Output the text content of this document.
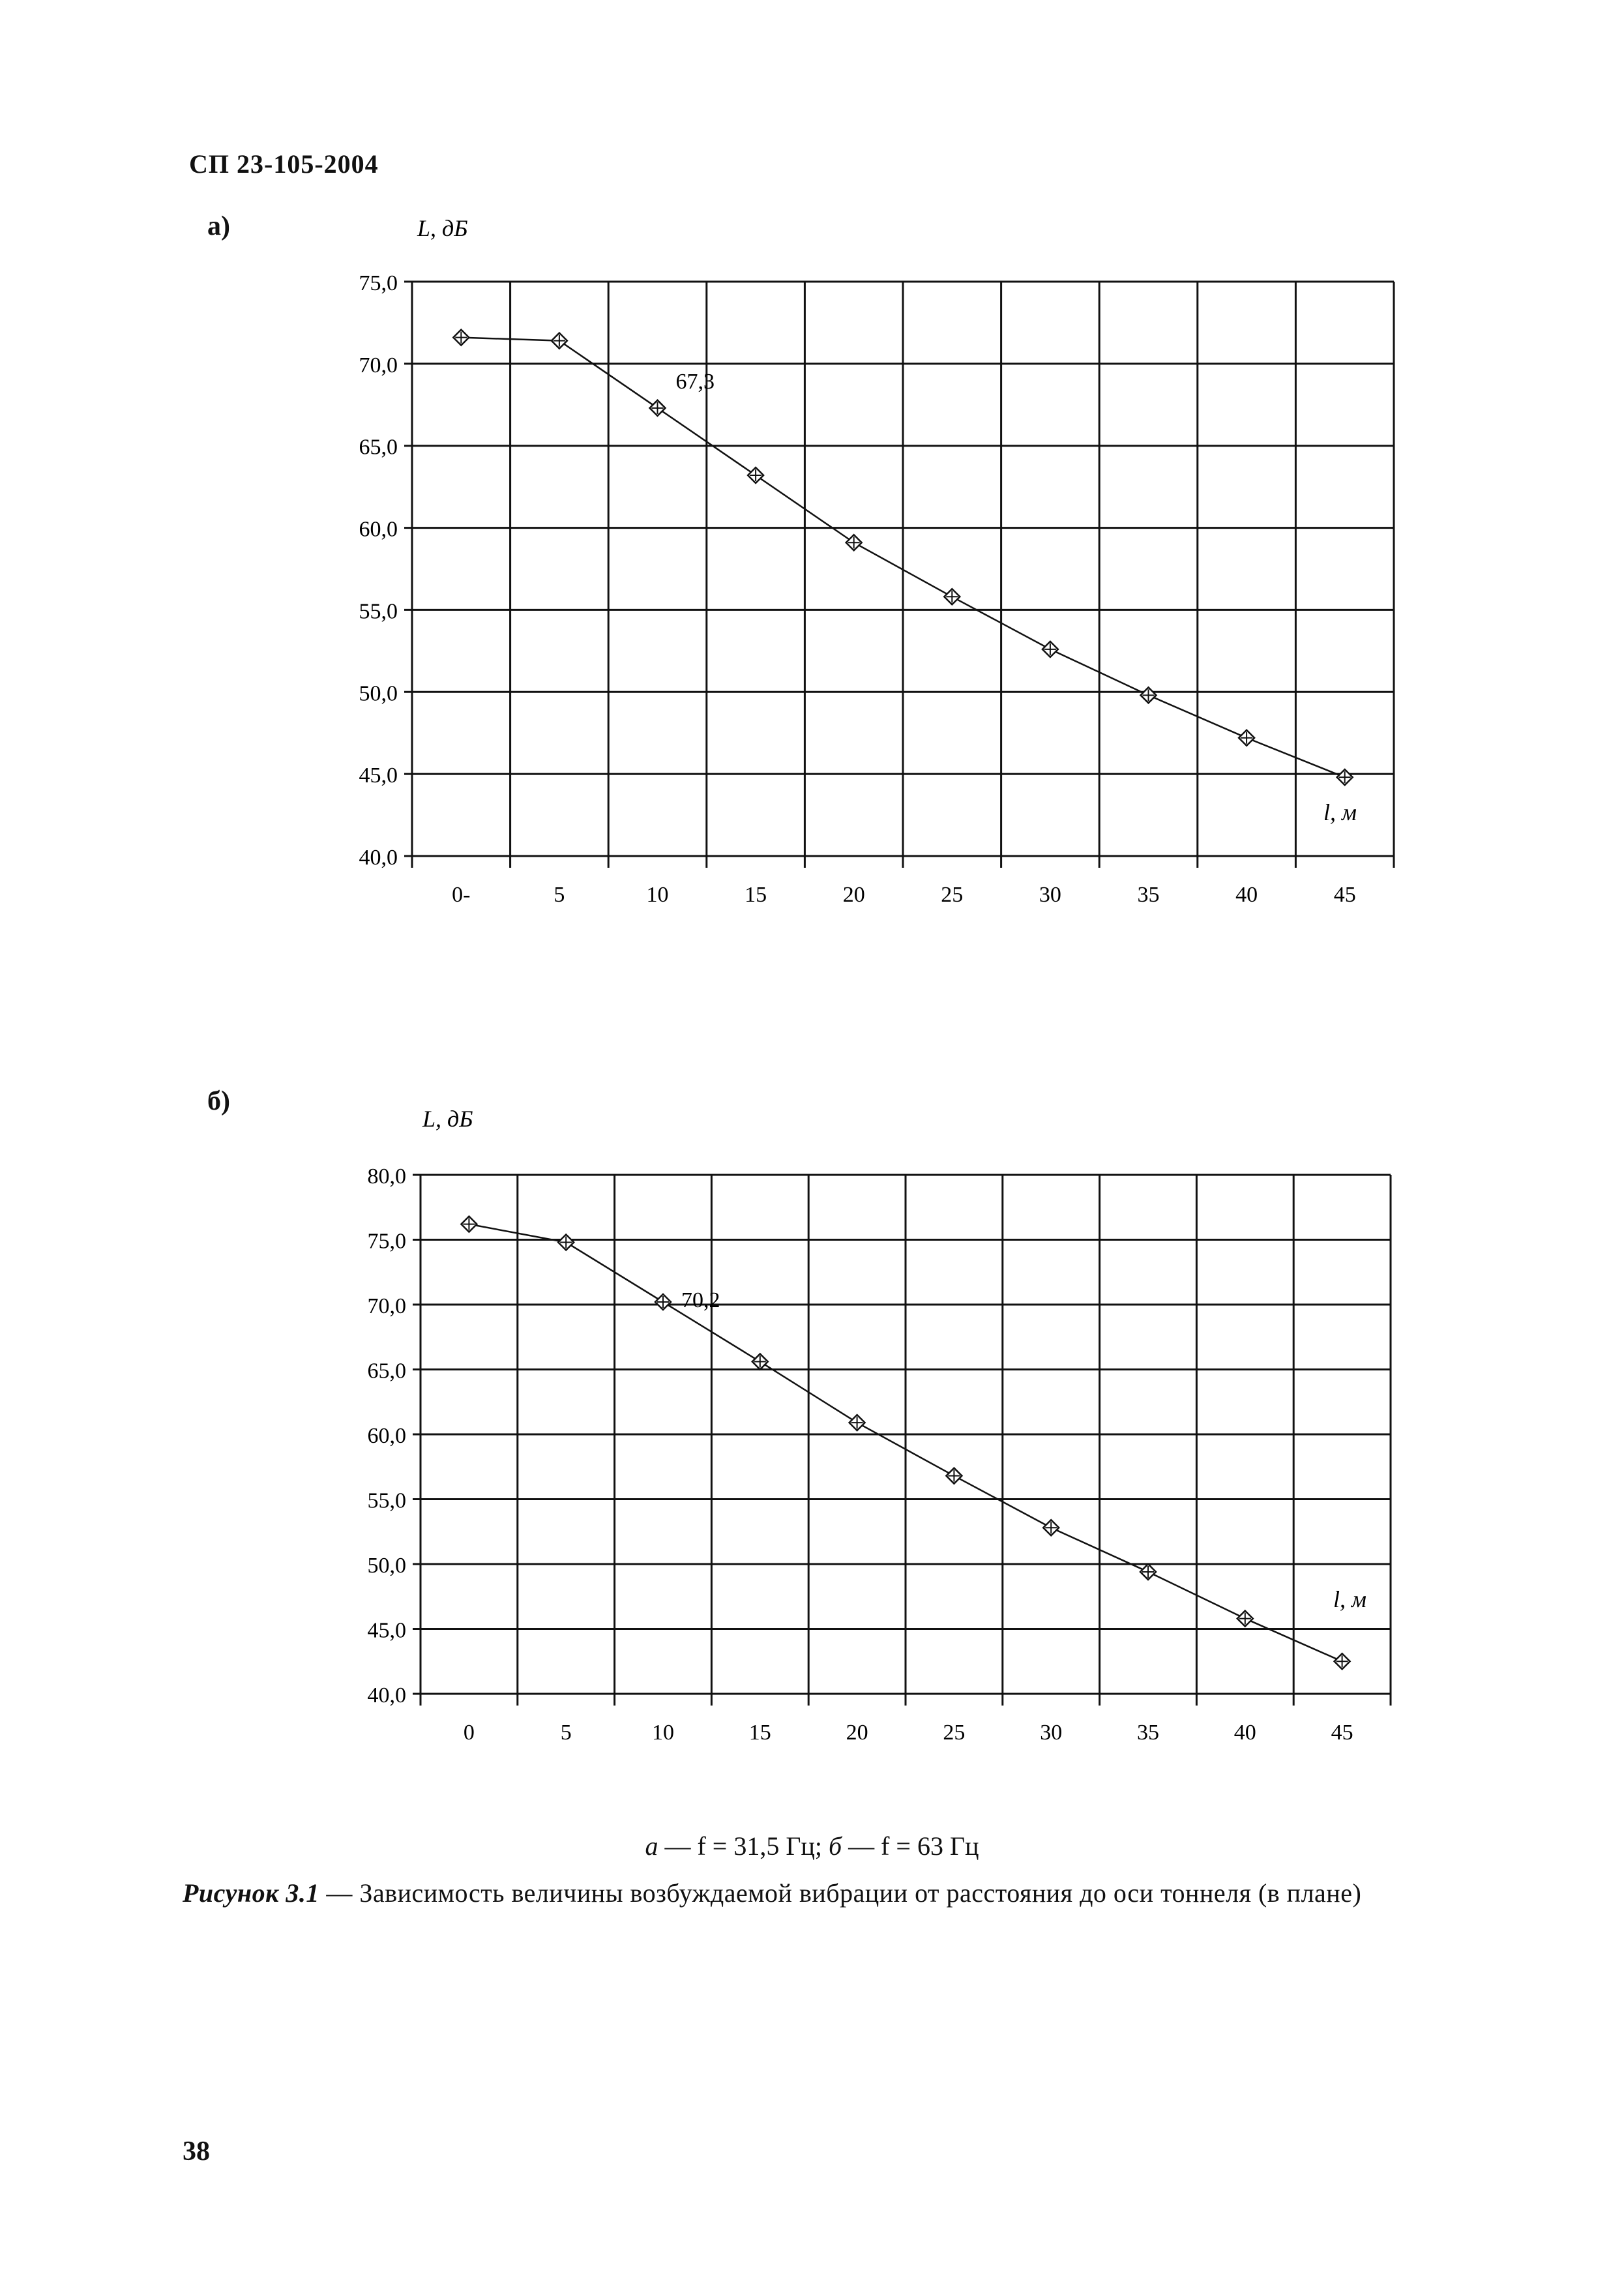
СП 23-105-2004
а)
б)
40,0
45,0
50,0
55,0
60,0
65,0
70,0
75,0
0-	5	10	15	20	25	30	35	40	45
L, дБ
l, м
67,3
40,0
45,0
50,0
55,0
60,0
65,0
70,0
75,0
80,0
0	5	10	15	20	25	30	35	40	45
L, дБ
l, м
70,2
а — f = 31,5 Гц; б — f = 63 Гц
Рисунок 3.1 — Зависимость величины возбуждаемой вибрации от расстояния до оси тоннеля (в плане)
38
